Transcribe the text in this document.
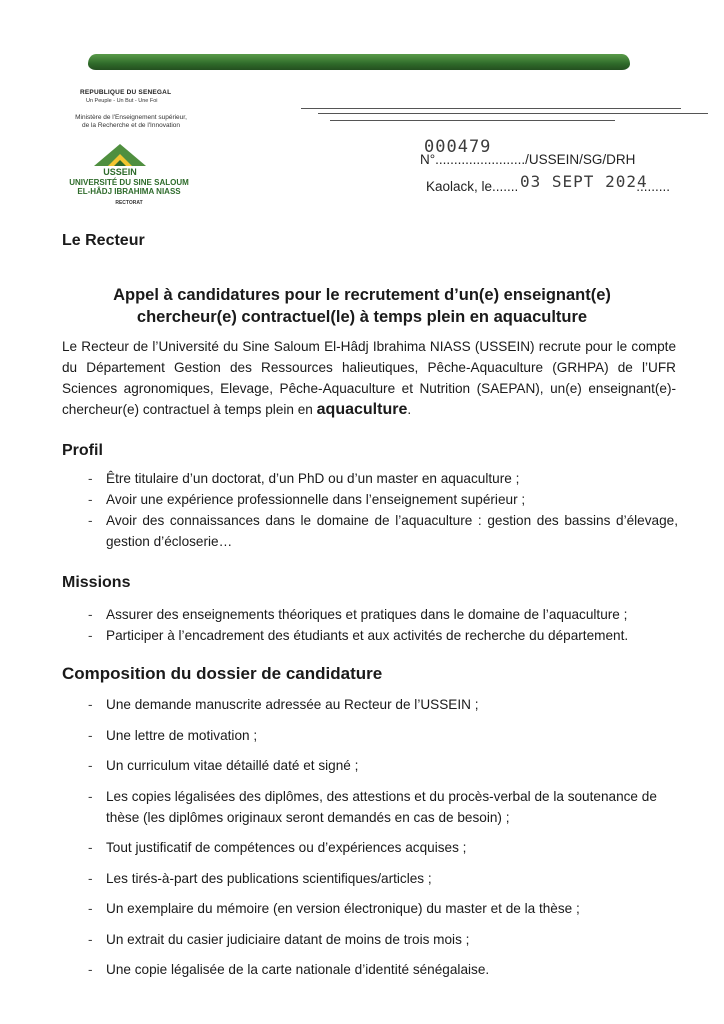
REPUBLIQUE DU SENEGAL
Un Peuple - Un But - Une Foi
Ministère de l'Enseignement supérieur,
de la Recherche et de l'Innovation
USSEIN
UNIVERSITÉ DU SINE SALOUM
EL-HÂDJ IBRAHIMA NIASS
RECTORAT
000479
N°......................../USSEIN/SG/DRH
Kaolack, le.......	.........
03 SEPT 2024
Le Recteur
Appel à candidatures pour le recrutement d’un(e) enseignant(e)
chercheur(e) contractuel(le) à temps plein en aquaculture
Le Recteur de l’Université du Sine Saloum El-Hâdj Ibrahima NIASS (USSEIN) recrute pour le compte du Département Gestion des Ressources halieutiques, Pêche-Aquaculture (GRHPA) de l’UFR Sciences agronomiques, Elevage, Pêche-Aquaculture et Nutrition (SAEPAN), un(e) enseignant(e)-chercheur(e) contractuel à temps plein en aquaculture.
Profil
- Être titulaire d’un doctorat, d’un PhD ou d’un master en aquaculture ;
- Avoir une expérience professionnelle dans l’enseignement supérieur ;
- Avoir des connaissances dans le domaine de l’aquaculture : gestion des bassins d’élevage, gestion d’écloserie…
Missions
- Assurer des enseignements théoriques et pratiques dans le domaine de l’aquaculture ;
- Participer à l’encadrement des étudiants et aux activités de recherche du département.
Composition du dossier de candidature
- Une demande manuscrite adressée au Recteur de l’USSEIN ;
- Une lettre de motivation ;
- Un curriculum vitae détaillé daté et signé ;
- Les copies légalisées des diplômes, des attestions et du procès-verbal de la soutenance de thèse (les diplômes originaux seront demandés en cas de besoin) ;
- Tout justificatif de compétences ou d’expériences acquises ;
- Les tirés-à-part des publications scientifiques/articles ;
- Un exemplaire du mémoire (en version électronique) du master et de la thèse ;
- Un extrait du casier judiciaire datant de moins de trois mois ;
- Une copie légalisée de la carte nationale d’identité sénégalaise.
